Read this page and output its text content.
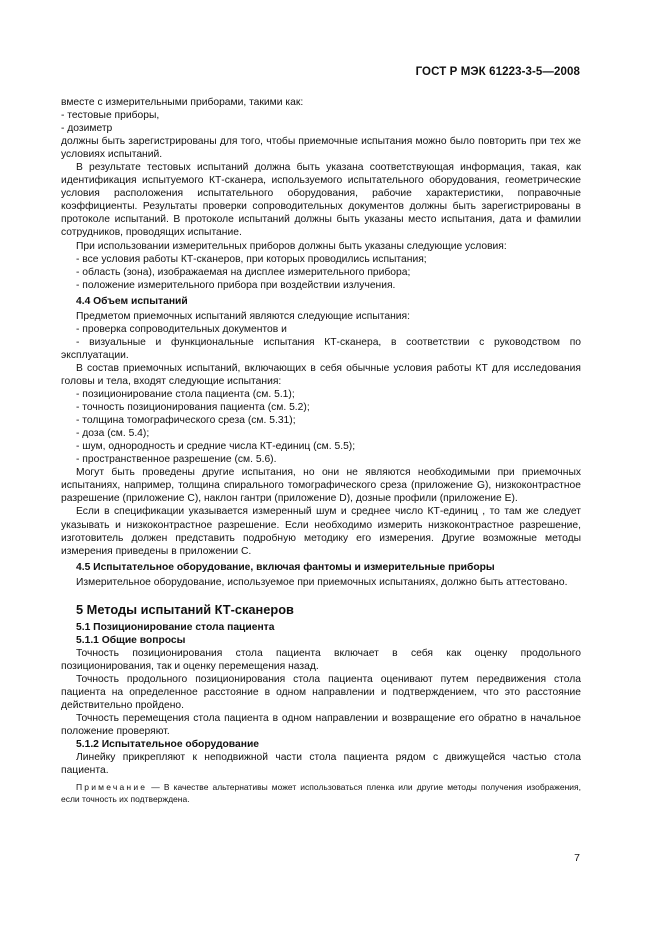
ГОСТ Р МЭК 61223-3-5—2008

вместе с измерительными приборами, такими как:

- тестовые приборы,

- дозиметр

должны быть зарегистрированы для того, чтобы приемочные испытания можно было повторить при тех же условиях испытаний.

В результате тестовых испытаний должна быть указана соответствующая информация, такая, как идентификация испытуемого КТ-сканера, используемого испытательного оборудования, геометрические условия расположения испытательного оборудования, рабочие характеристики, поправочные коэффициенты. Результаты проверки сопроводительных документов должны быть зарегистрированы в протоколе испытаний. В протоколе испытаний должны быть указаны место испытания, дата и фамилии сотрудников, проводящих испытание.

При использовании измерительных приборов должны быть указаны следующие условия:

- все условия работы КТ-сканеров, при которых проводились испытания;

- область (зона), изображаемая на дисплее измерительного прибора;

- положение измерительного прибора при воздействии излучения.

4.4 Объем испытаний

Предметом приемочных испытаний являются следующие испытания:

- проверка сопроводительных документов и

- визуальные и функциональные испытания КТ-сканера, в соответствии с руководством по эксплуатации.

В состав приемочных испытаний, включающих в себя обычные условия работы КТ для исследования головы и тела, входят следующие испытания:

- позиционирование стола пациента (см. 5.1);

- точность позиционирования пациента (см. 5.2);

- толщина томографического среза (см. 5.31);

- доза (см. 5.4);

- шум, однородность и средние числа КТ-единиц (см. 5.5);

- пространственное разрешение (см. 5.6).

Могут быть проведены другие испытания, но они не являются необходимыми при приемочных испытаниях, например, толщина спирального томографического среза (приложение G), низкоконтрастное разрешение (приложение С), наклон гантри (приложение D), дозные профили (приложение Е).

Если в спецификации указывается измеренный шум и среднее число КТ-единиц , то там же следует указывать и низкоконтрастное разрешение. Если необходимо измерить низкоконтрастное разрешение, изготовитель должен представить подробную методику его измерения. Другие возможные методы измерения приведены в приложении С.

4.5 Испытательное оборудование, включая фантомы и измерительные приборы

Измерительное оборудование, используемое при приемочных испытаниях, должно быть аттестовано.

5 Методы испытаний КТ-сканеров

5.1 Позиционирование стола пациента

5.1.1 Общие вопросы

Точность позиционирования стола пациента включает в себя как оценку продольного позиционирования, так и оценку перемещения назад.

Точность продольного позиционирования стола пациента оценивают путем передвижения стола пациента на определенное расстояние в одном направлении и подтверждением, что это расстояние действительно пройдено.

Точность перемещения стола пациента в одном направлении и возвращение его обратно в начальное положение проверяют.

5.1.2 Испытательное оборудование

Линейку прикрепляют к неподвижной части стола пациента рядом с движущейся частью стола пациента.

Примечание — В качестве альтернативы может использоваться пленка или другие методы получения изображения, если точность их подтверждена.

7
